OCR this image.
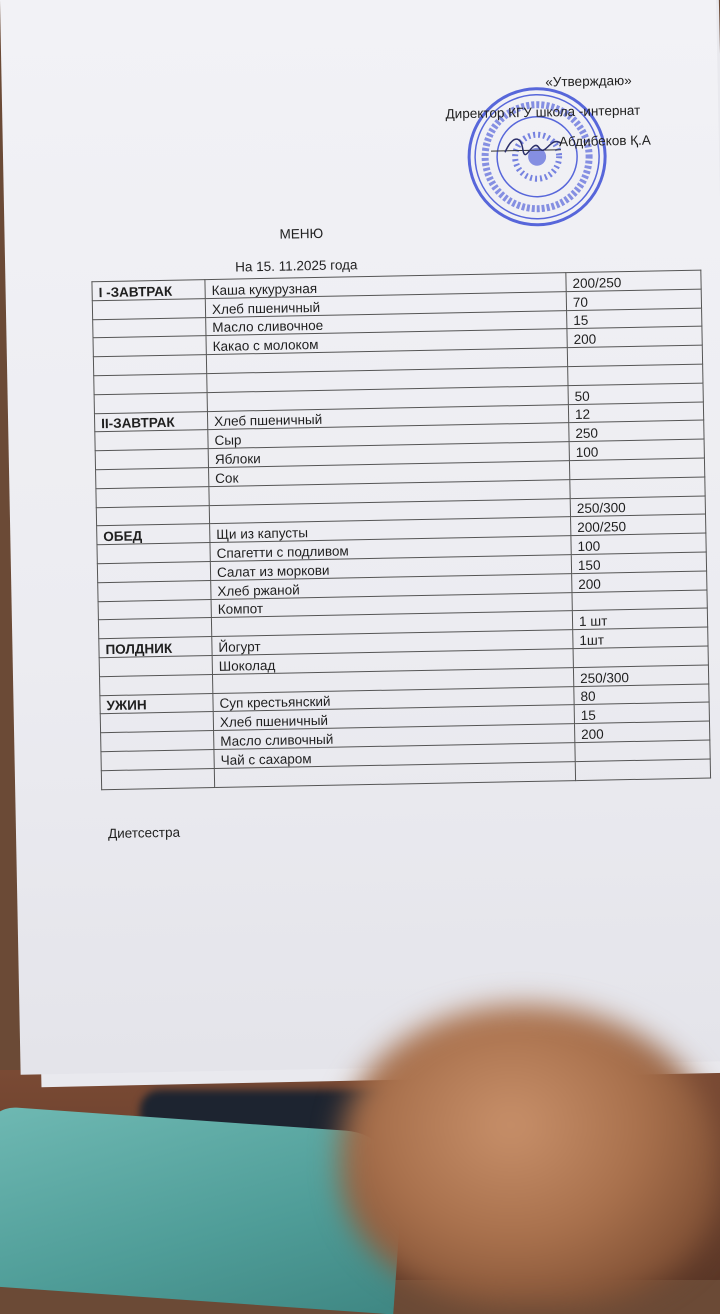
«Утверждаю»
Директор КГУ школа -интернат
Абдибеков Қ.А
МЕНЮ
На 15. 11.2025 года
I -ЗАВТРАК	Каша кукурузная	200/250
	Хлеб пшеничный	70
	Масло сливочное	15
	Какао с молоком	200

		50
II-ЗАВТРАК	Хлеб пшеничный	12
	Сыр	250
	Яблоки	100
	Сок	

		250/300
ОБЕД	Щи из капусты	200/250
	Спагетти с подливом	100
	Салат из моркови	150
	Хлеб ржаной	200
	Компот	
		1 шт
ПОЛДНИК	Йогурт	1шт
	Шоколад	
		250/300
УЖИН	Суп крестьянский	80
	Хлеб пшеничный	15
	Масло сливочный	200
	Чай с сахаром	

Диетсестра
